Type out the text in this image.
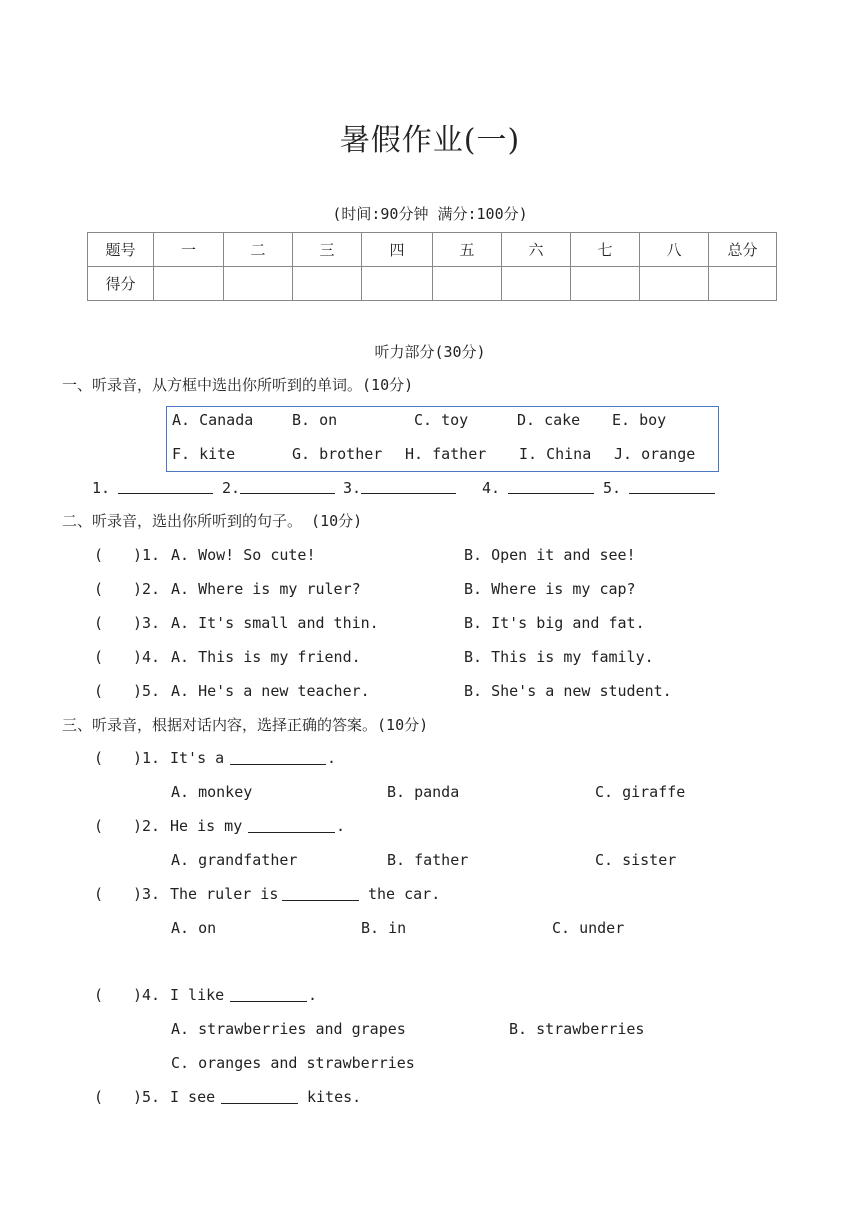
暑假作业(一)
(时间:90分钟 满分:100分)
题号	一	二	三	四	五	六	七	八	总分
得分									
听力部分(30分)
一、听录音，从方框中选出你所听到的单词。(10分)
A. Canada	B. on	C. toy	D. cake E. boy
F. kite	G. brother H. father I. China J. orange
1.	2.	3.	4.	5.
二、听录音，选出你所听到的句子。 (10分)
( )1. A. Wow! So cute!	B. Open it and see!
( )2. A. Where is my ruler?	B. Where is my cap?
( )3. A. It's small and thin.	B. It's big and fat.
( )4. A. This is my friend.	B. This is my family.
( )5. A. He's a new teacher.	B. She's a new student.
三、听录音，根据对话内容，选择正确的答案。(10分)
( )1. It's a	.
A. monkey	B. panda	C. giraffe
( )2. He is my	.
A. grandfather	B. father	C. sister
( )3. The ruler is	the car.
A. on	B. in	C. under
( )4. I like	.
A. strawberries and grapes	B. strawberries
C. oranges and strawberries
( )5. I see	kites.
